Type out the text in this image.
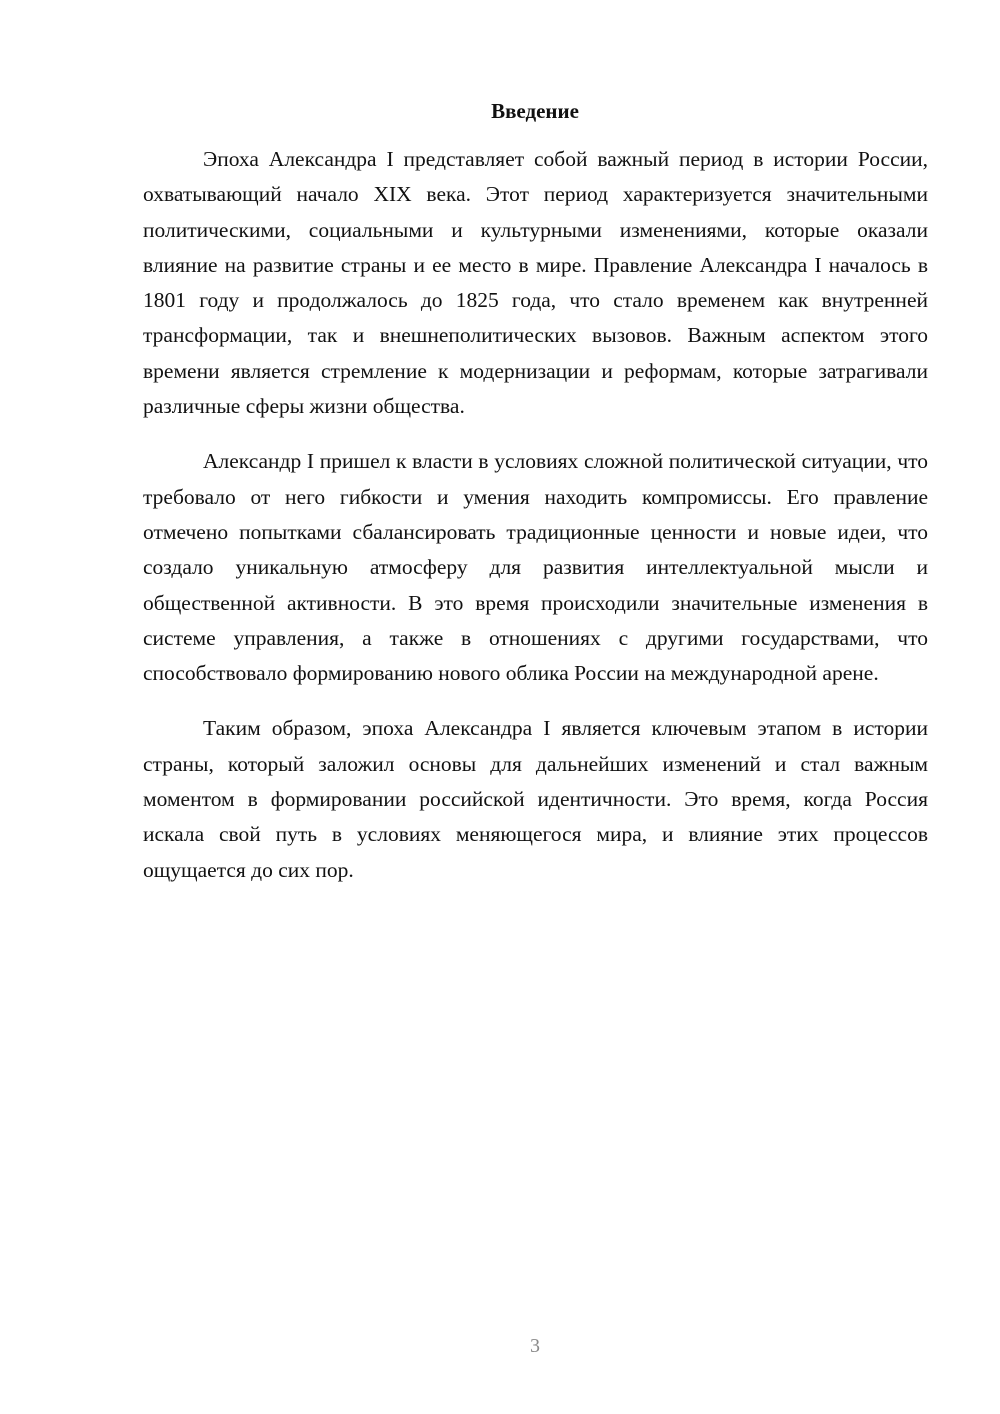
Введение

Эпоха Александра I представляет собой важный период в истории России, охватывающий начало XIX века. Этот период характеризуется значительными политическими, социальными и культурными изменениями, которые оказали влияние на развитие страны и ее место в мире. Правление Александра I началось в 1801 году и продолжалось до 1825 года, что стало временем как внутренней трансформации, так и внешнеполитических вызовов. Важным аспектом этого времени является стремление к модернизации и реформам, которые затрагивали различные сферы жизни общества.

Александр I пришел к власти в условиях сложной политической ситуации, что требовало от него гибкости и умения находить компромиссы. Его правление отмечено попытками сбалансировать традиционные ценности и новые идеи, что создало уникальную атмосферу для развития интеллектуальной мысли и общественной активности. В это время происходили значительные изменения в системе управления, а также в отношениях с другими государствами, что способствовало формированию нового облика России на международной арене.

Таким образом, эпоха Александра I является ключевым этапом в истории страны, который заложил основы для дальнейших изменений и стал важным моментом в формировании российской идентичности. Это время, когда Россия искала свой путь в условиях меняющегося мира, и влияние этих процессов ощущается до сих пор.

3
